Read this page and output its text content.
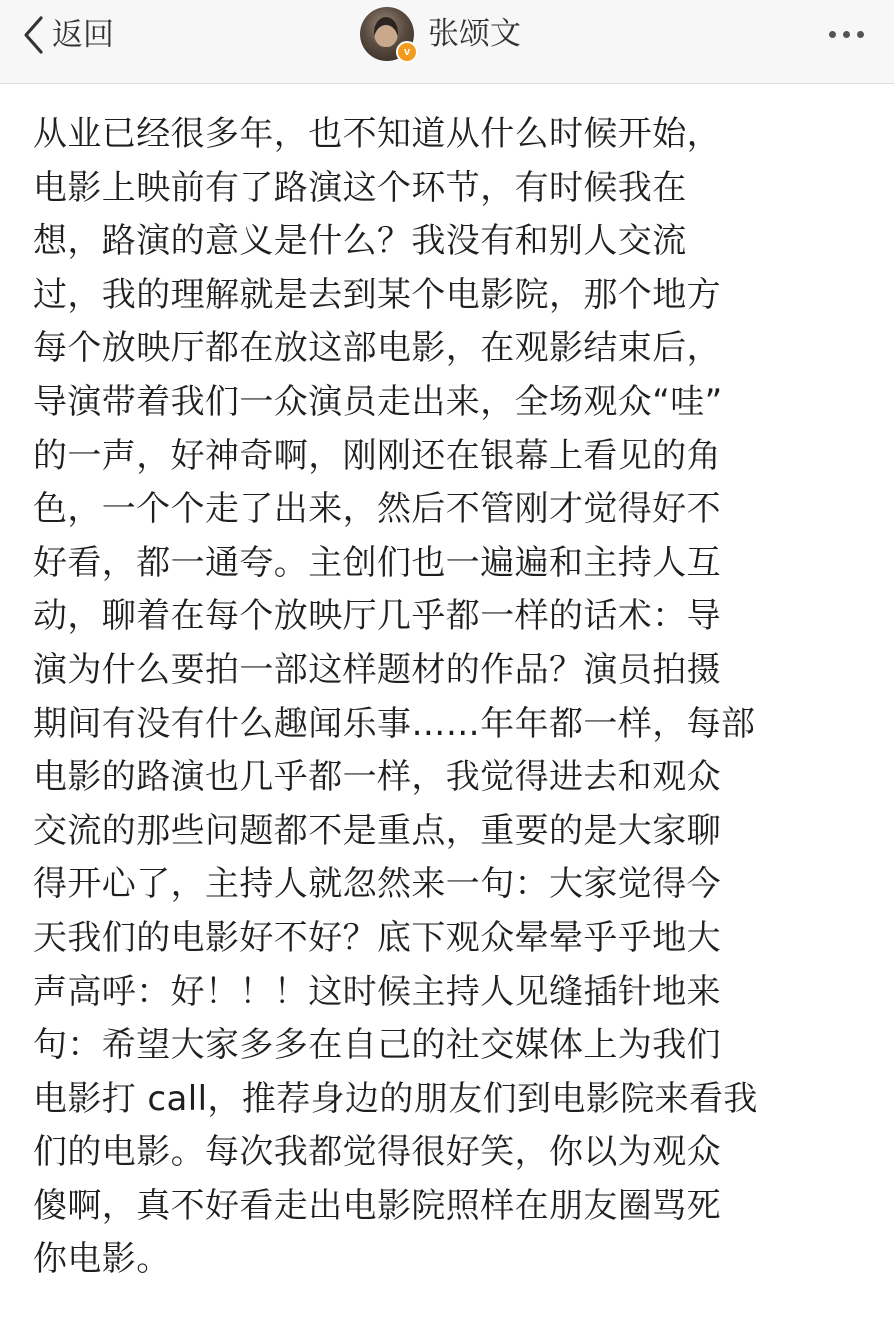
返回	v 张颂文
从业已经很多年，也不知道从什么时候开始，
电影上映前有了路演这个环节，有时候我在
想，路演的意义是什么？我没有和别人交流
过，我的理解就是去到某个电影院，那个地方
每个放映厅都在放这部电影，在观影结束后，
导演带着我们一众演员走出来，全场观众“哇”
的一声，好神奇啊，刚刚还在银幕上看见的角
色，一个个走了出来，然后不管刚才觉得好不
好看，都一通夸。主创们也一遍遍和主持人互
动，聊着在每个放映厅几乎都一样的话术：导
演为什么要拍一部这样题材的作品？演员拍摄
期间有没有什么趣闻乐事……年年都一样，每部
电影的路演也几乎都一样，我觉得进去和观众
交流的那些问题都不是重点，重要的是大家聊
得开心了，主持人就忽然来一句：大家觉得今
天我们的电影好不好？底下观众晕晕乎乎地大
声高呼：好！！！这时候主持人见缝插针地来
句：希望大家多多在自己的社交媒体上为我们
电影打 call，推荐身边的朋友们到电影院来看我
们的电影。每次我都觉得很好笑，你以为观众
傻啊，真不好看走出电影院照样在朋友圈骂死
你电影。
